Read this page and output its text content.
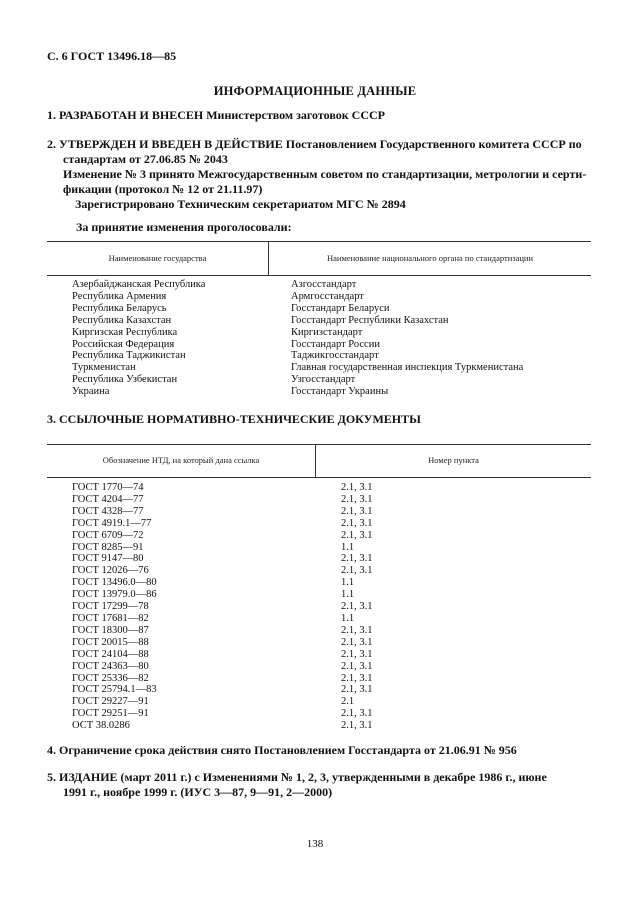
С. 6 ГОСТ 13496.18—85
ИНФОРМАЦИОННЫЕ ДАННЫЕ
1. РАЗРАБОТАН И ВНЕСЕН Министерством заготовок СССР
2. УТВЕРЖДЕН И ВВЕДЕН В ДЕЙСТВИЕ Постановлением Государственного комитета СССР по
стандартам от 27.06.85 № 2043
Изменение № 3 принято Межгосударственным советом по стандартизации, метрологии и серти-
фикации (протокол № 12 от 21.11.97)
Зарегистрировано Техническим секретариатом МГС № 2894
За принятие изменения проголосовали:
Наименование государства	Наименование национального органа по стандартизации
Азербайджанская Республика
Республика Армения
Республика Беларусь
Республика Казахстан
Киргизская Республика
Российская Федерация
Республика Таджикистан
Туркменистан
Республика Узбекистан
Украина
Азгосстандарт
Армгосстандарт
Госстандарт Беларуси
Госстандарт Республики Казахстан
Киргизстандарт
Госстандарт России
Таджикгосстандарт
Главная государственная инспекция Туркменистана
Узгосстандарт
Госстандарт Украины
3. ССЫЛОЧНЫЕ НОРМАТИВНО-ТЕХНИЧЕСКИЕ ДОКУМЕНТЫ
Обозначение НТД, на который дана ссылка	Номер пункта
ГОСТ 1770—74
ГОСТ 4204—77
ГОСТ 4328—77
ГОСТ 4919.1—77
ГОСТ 6709—72
ГОСТ 8285—91
ГОСТ 9147—80
ГОСТ 12026—76
ГОСТ 13496.0—80
ГОСТ 13979.0—86
ГОСТ 17299—78
ГОСТ 17681—82
ГОСТ 18300—87
ГОСТ 20015—88
ГОСТ 24104—88
ГОСТ 24363—80
ГОСТ 25336—82
ГОСТ 25794.1—83
ГОСТ 29227—91
ГОСТ 29251—91
ОСТ 38.0286
2.1, 3.1
2.1, 3.1
2.1, 3.1
2.1, 3.1
2.1, 3.1
1.1
2.1, 3.1
2.1, 3.1
1.1
1.1
2.1, 3.1
1.1
2.1, 3.1
2.1, 3.1
2.1, 3.1
2.1, 3.1
2.1, 3.1
2.1, 3.1
2.1
2.1, 3.1
2.1, 3.1
4. Ограничение срока действия снято Постановлением Госстандарта от 21.06.91 № 956
5. ИЗДАНИЕ (март 2011 г.) с Изменениями № 1, 2, 3, утвержденными в декабре 1986 г., июне
1991 г., ноябре 1999 г. (ИУС 3—87, 9—91, 2—2000)
138
